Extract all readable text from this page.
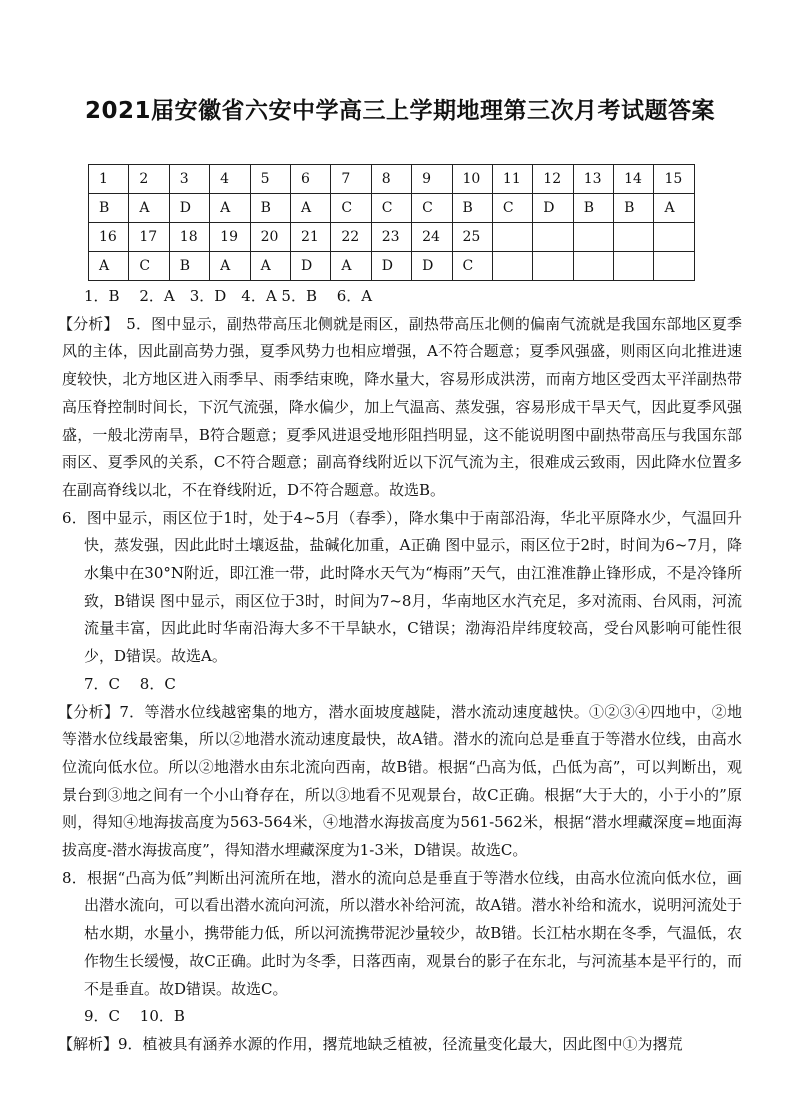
2021届安徽省六安中学高三上学期地理第三次月考试题答案
1	2	3	4	5	6	7	8	9	10	11	12	13	14	15
B	A	D	A	B	A	C	C	C	B	C	D	B	B	A
16	17	18	19	20	21	22	23	24	25					
A	C	B	A	A	D	A	D	D	C					

1．B　 2．A　3．D　4．A 5．B　 6．A

【分析】　5．图中显示，副热带高压北侧就是雨区，副热带高压北侧的偏南气流就是我国东部地区夏季风的主体，因此副高势力强，夏季风势力也相应增强，A不符合题意；夏季风强盛，则雨区向北推进速度较快，北方地区进入雨季早、雨季结束晚，降水量大，容易形成洪涝，而南方地区受西太平洋副热带高压脊控制时间长，下沉气流强，降水偏少，加上气温高、蒸发强，容易形成干旱天气，因此夏季风强盛，一般北涝南旱，B符合题意；夏季风进退受地形阻挡明显，这不能说明图中副热带高压与我国东部雨区、夏季风的关系，C不符合题意；副高脊线附近以下沉气流为主，很难成云致雨，因此降水位置多在副高脊线以北，不在脊线附近，D不符合题意。故选B。

6．图中显示，雨区位于1时，处于4~5月（春季），降水集中于南部沿海，华北平原降水少，气温回升快，蒸发强，因此此时土壤返盐，盐碱化加重，A正确 图中显示，雨区位于2时，时间为6~7月，降水集中在30°N附近，即江淮一带，此时降水天气为“梅雨”天气，由江淮准静止锋形成，不是冷锋所致，B错误 图中显示，雨区位于3时，时间为7~8月，华南地区水汽充足，多对流雨、台风雨，河流流量丰富，因此此时华南沿海大多不干旱缺水，C错误；渤海沿岸纬度较高，受台风影响可能性很少，D错误。故选A。

7．C　 8．C

【分析】7．等潜水位线越密集的地方，潜水面坡度越陡，潜水流动速度越快。①②③④四地中，②地等潜水位线最密集，所以②地潜水流动速度最快，故A错。潜水的流向总是垂直于等潜水位线，由高水位流向低水位。所以②地潜水由东北流向西南，故B错。根据“凸高为低，凸低为高”，可以判断出，观景台到③地之间有一个小山脊存在，所以③地看不见观景台，故C正确。根据“大于大的，小于小的”原则，得知④地海拔高度为563-564米，④地潜水海拔高度为561-562米，根据“潜水埋藏深度=地面海拔高度-潜水海拔高度”，得知潜水埋藏深度为1-3米，D错误。故选C。

8．根据“凸高为低”判断出河流所在地，潜水的流向总是垂直于等潜水位线，由高水位流向低水位，画出潜水流向，可以看出潜水流向河流，所以潜水补给河流，故A错。潜水补给和流水，说明河流处于枯水期，水量小，携带能力低，所以河流携带泥沙量较少，故B错。长江枯水期在冬季，气温低，农作物生长缓慢，故C正确。此时为冬季，日落西南，观景台的影子在东北，与河流基本是平行的，而不是垂直。故D错误。故选C。

9．C　 10．B

【解析】9．植被具有涵养水源的作用，撂荒地缺乏植被，径流量变化最大，因此图中①为撂荒
